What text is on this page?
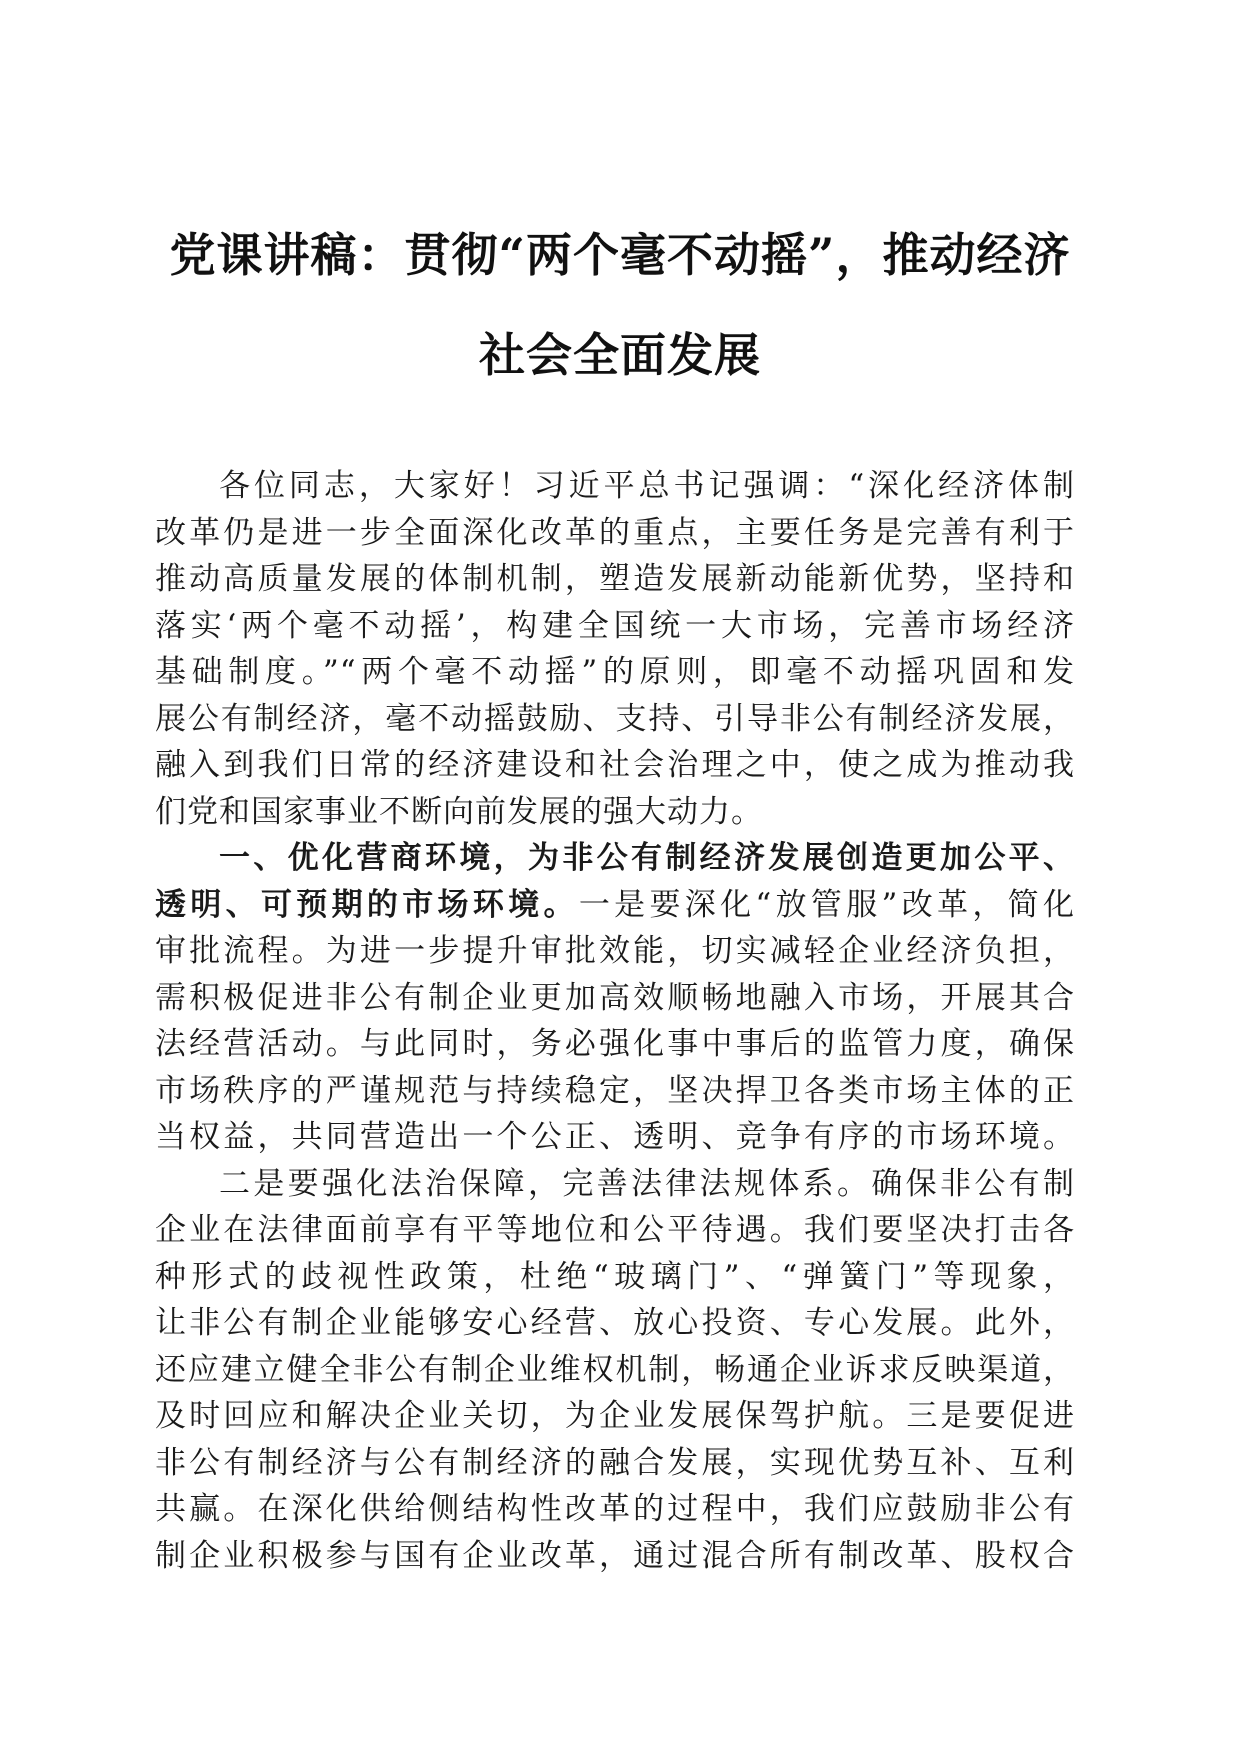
党课讲稿：贯彻“两个毫不动摇”，推动经济
社会全面发展
各位同志，大家好！习近平总书记强调：“深化经济体制
改革仍是进一步全面深化改革的重点，主要任务是完善有利于
推动高质量发展的体制机制，塑造发展新动能新优势，坚持和
落实‘两个毫不动摇’，构建全国统一大市场，完善市场经济
基础制度。”“两个毫不动摇”的原则，即毫不动摇巩固和发
展公有制经济，毫不动摇鼓励、支持、引导非公有制经济发展，
融入到我们日常的经济建设和社会治理之中，使之成为推动我
们党和国家事业不断向前发展的强大动力。
一、优化营商环境，为非公有制经济发展创造更加公平、
透明、可预期的市场环境。一是要深化“放管服”改革，简化
审批流程。为进一步提升审批效能，切实减轻企业经济负担，
需积极促进非公有制企业更加高效顺畅地融入市场，开展其合
法经营活动。与此同时，务必强化事中事后的监管力度，确保
市场秩序的严谨规范与持续稳定，坚决捍卫各类市场主体的正
当权益，共同营造出一个公正、透明、竞争有序的市场环境。
二是要强化法治保障，完善法律法规体系。确保非公有制
企业在法律面前享有平等地位和公平待遇。我们要坚决打击各
种形式的歧视性政策，杜绝“玻璃门”、“弹簧门”等现象，
让非公有制企业能够安心经营、放心投资、专心发展。此外，
还应建立健全非公有制企业维权机制，畅通企业诉求反映渠道，
及时回应和解决企业关切，为企业发展保驾护航。三是要促进
非公有制经济与公有制经济的融合发展，实现优势互补、互利
共赢。在深化供给侧结构性改革的过程中，我们应鼓励非公有
制企业积极参与国有企业改革，通过混合所有制改革、股权合
